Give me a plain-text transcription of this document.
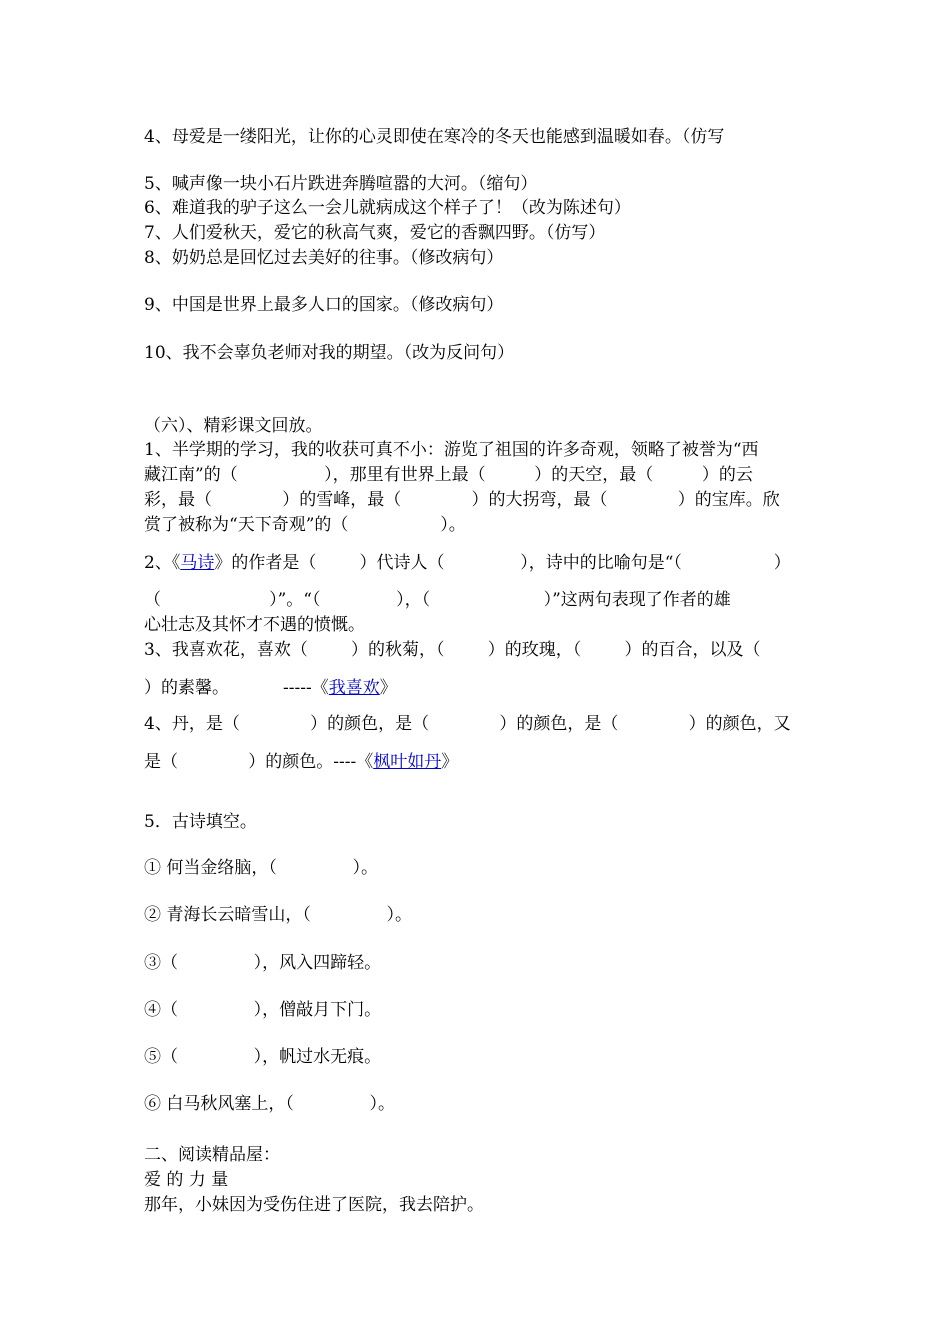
4、母爱是一缕阳光，让你的心灵即使在寒冷的冬天也能感到温暖如春。（仿写
5、喊声像一块小石片跌进奔腾喧嚣的大河。（缩句）
6、难道我的驴子这么一会儿就病成这个样子了！（改为陈述句）
7、人们爱秋天，爱它的秋高气爽，爱它的香飘四野。（仿写）
8、奶奶总是回忆过去美好的往事。（修改病句）
9、中国是世界上最多人口的国家。（修改病句）
10、我不会辜负老师对我的期望。（改为反问句）
（六）、精彩课文回放。
1、半学期的学习，我的收获可真不小：游览了祖国的许多奇观，领略了被誉为“西
藏江南”的（                ），那里有世界上最（         ）的天空，最（         ）的云
彩，最（             ）的雪峰，最（             ）的大拐弯，最（             ）的宝库。欣
赏了被称为“天下奇观”的（                 ）。
2、《马诗》的作者是（        ）代诗人（              ），诗中的比喻句是“（                 ）
（                    ）”。“（              ），（                     ）”这两句表现了作者的雄
心壮志及其怀才不遇的愤慨。
3、我喜欢花，喜欢（        ）的秋菊，（        ）的玫瑰，（        ）的百合，以及（
）的素馨。          -----《我喜欢》
4、丹，是（             ）的颜色，是（             ）的颜色，是（             ）的颜色，又
是（             ）的颜色。----《枫叶如丹》
5．古诗填空。
① 何当金络脑，（              ）。
② 青海长云暗雪山，（              ）。
③（              ），风入四蹄轻。
④（              ），僧敲月下门。
⑤（              ），帆过水无痕。
⑥ 白马秋风塞上，（              ）。
二、阅读精品屋：
爱 的 力 量
那年，小妹因为受伤住进了医院，我去陪护。
